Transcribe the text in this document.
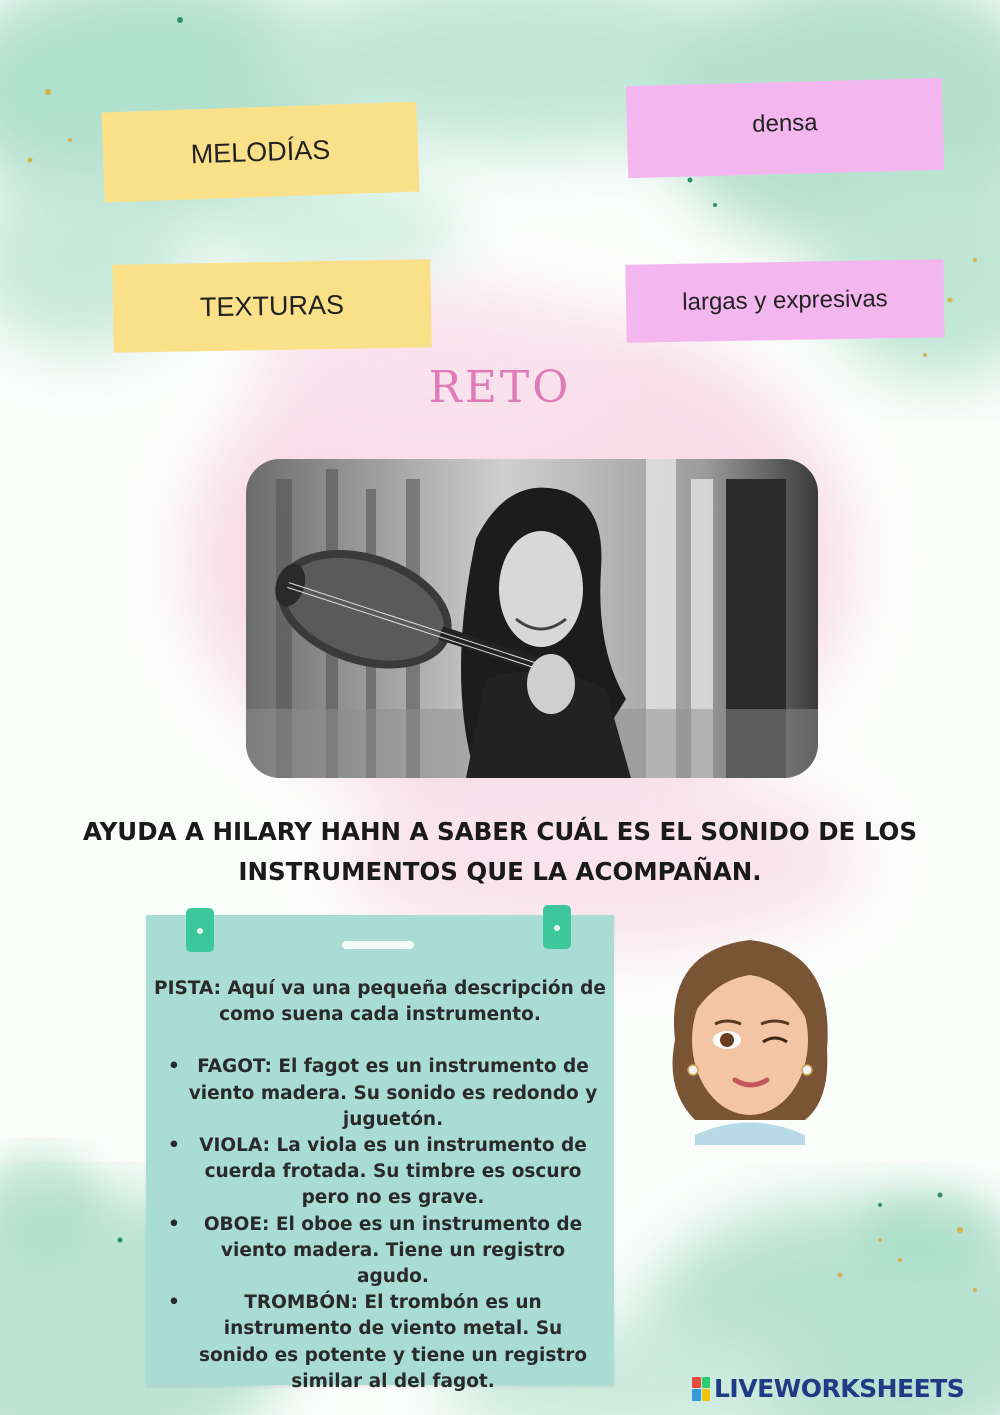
MELODÍAS
TEXTURAS
densa
largas y expresivas
RETO
AYUDA A HILARY HAHN A SABER CUÁL ES EL SONIDO DE LOS
INSTRUMENTOS QUE LA ACOMPAÑAN.
PISTA: Aquí va una pequeña descripción de como suena cada instrumento.
• FAGOT: El fagot es un instrumento de viento madera. Su sonido es redondo y juguetón.
• VIOLA: La viola es un instrumento de cuerda frotada. Su timbre es oscuro pero no es grave.
• OBOE: El oboe es un instrumento de viento madera. Tiene un registro agudo.
• TROMBÓN: El trombón es un instrumento de viento metal. Su sonido es potente y tiene un registro similar al del fagot.	LIVEWORKSHEETS
